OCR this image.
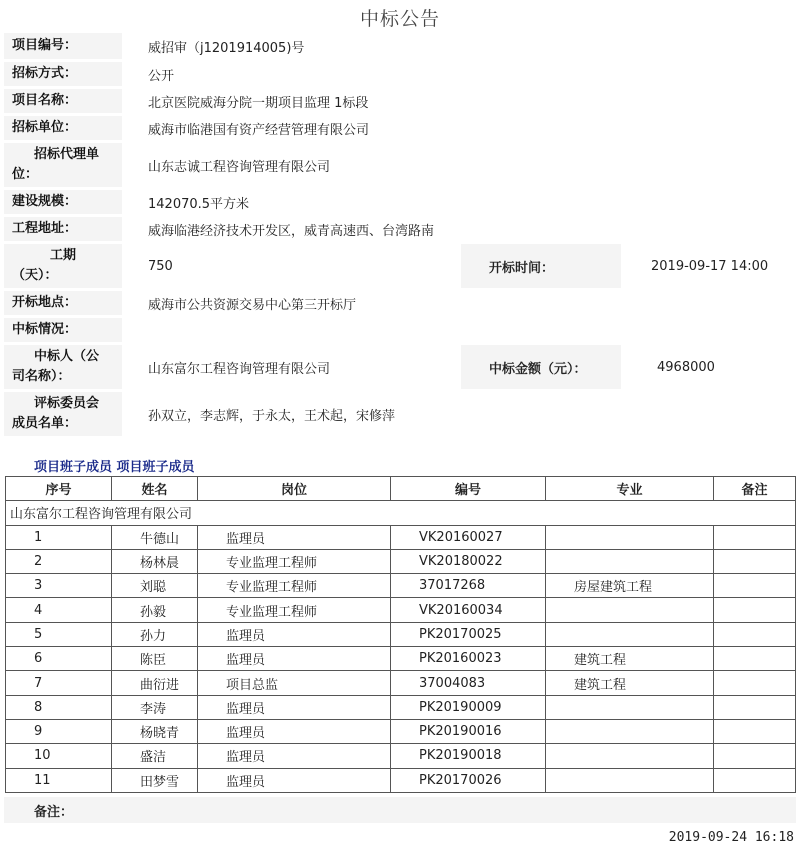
中标公告
项目编号：	威招审（j1201914005)号				
招标方式：	公开				
项目名称：	北京医院威海分院一期项目监理 1标段				
招标单位：	威海市临港国有资产经营管理有限公司				

招标代理单
位：	山东志诚工程咨询管理有限公司				
建设规模：	142070.5平方米				
工程地址：	威海临港经济技术开发区，威青高速西、台湾路南				

工期
（天）：	750		开标时间：		2019-09-17 14:00
开标地点：	威海市公共资源交易中心第三开标厅				
中标情况：					

中标人（公
司名称）：	山东富尔工程咨询管理有限公司		中标金额（元）：		4968000

评标委员会
成员名单：	孙双立，李志辉，于永太，王术起，宋修萍				
项目班子成员 项目班子成员
序号	姓名	岗位	编号	专业	备注
山东富尔工程咨询管理有限公司					
1	牛德山	监理员	VK20160027		
2	杨林晨	专业监理工程师	VK20180022		
3	刘聪	专业监理工程师	37017268	房屋建筑工程	
4	孙毅	专业监理工程师	VK20160034		
5	孙力	监理员	PK20170025		
6	陈臣	监理员	PK20160023	建筑工程	
7	曲衍进	项目总监	37004083	建筑工程	
8	李涛	监理员	PK20190009		
9	杨晓青	监理员	PK20190016		
10	盛洁	监理员	PK20190018		
11	田梦雪	监理员	PK20170026		
备注：
2019-09-24 16:18
